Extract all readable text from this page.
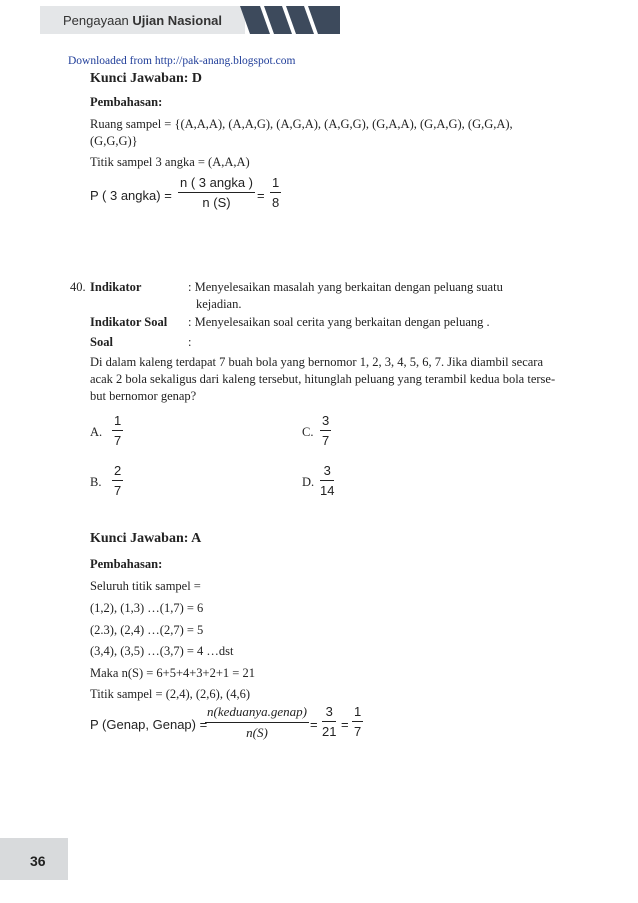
Pengayaan Ujian Nasional
Downloaded from http://pak-anang.blogspot.com
Kunci Jawaban: D
Pembahasan:
Ruang sampel = {(A,A,A), (A,A,G), (A,G,A), (A,G,G), (G,A,A), (G,A,G), (G,G,A),
(G,G,G)}
Titik sampel 3 angka = (A,A,A)
P ( 3 angka) =
n ( 3 angka )
n (S) =
1
8
40. Indikator	: Menyelesaikan masalah yang berkaitan dengan peluang suatu
kejadian.
Indikator Soal : Menyelesaikan soal cerita yang berkaitan dengan peluang .
Soal	:
Di dalam kaleng terdapat 7 buah bola yang bernomor 1, 2, 3, 4, 5, 6, 7. Jika diambil secara
acak 2 bola sekaligus dari kaleng tersebut, hitunglah peluang yang terambil kedua bola terse-
but bernomor genap?
A.
1
7
C.
3
7
B.
2
7
D.
3
14
Kunci Jawaban: A
Pembahasan:
Seluruh titik sampel =
(1,2), (1,3) …(1,7) = 6
(2.3), (2,4) …(2,7) = 5
(3,4), (3,5) …(3,7) = 4 …dst
Maka n(S) = 6+5+4+3+2+1 = 21
Titik sampel = (2,4), (2,6), (4,6)
P (Genap, Genap) =
n(keduanya.genap)
n(S)
=
3
21 =
1
7
36
